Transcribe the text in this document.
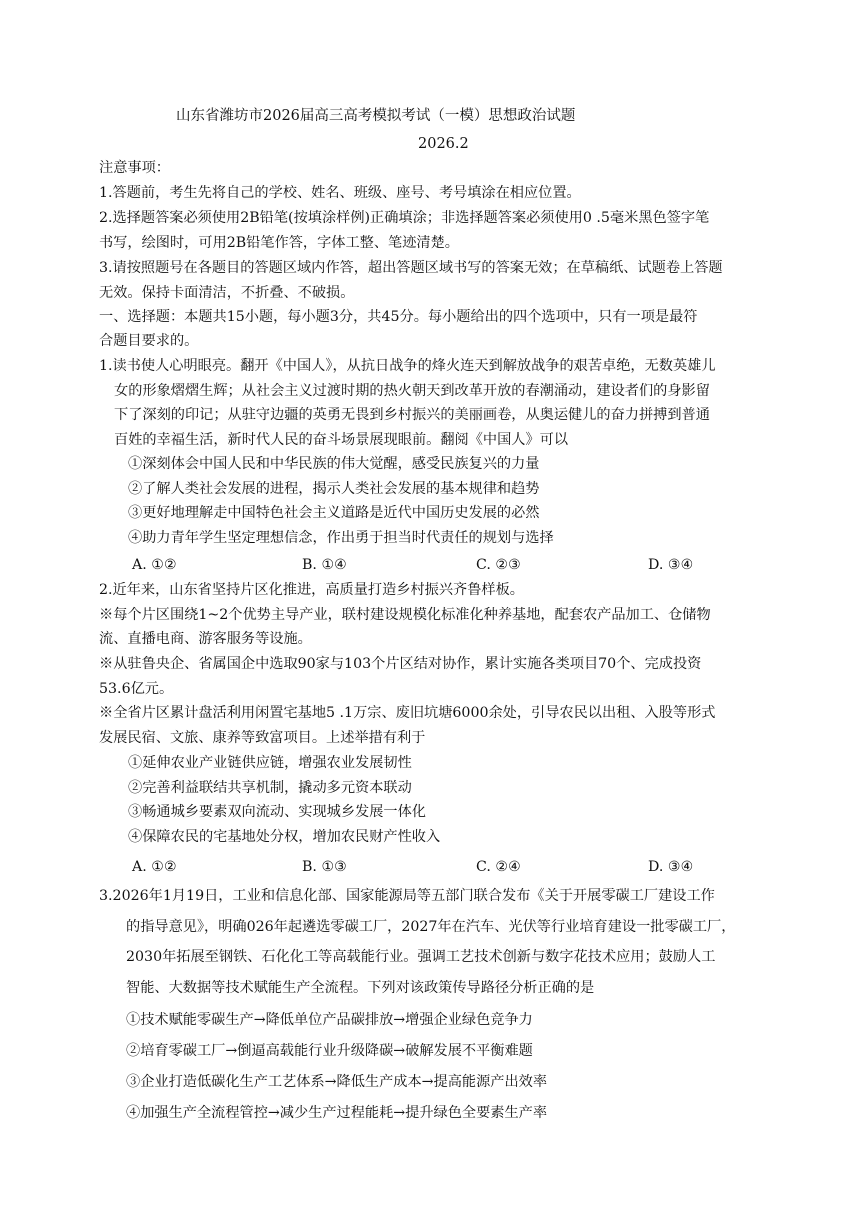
山东省潍坊市2026届高三高考模拟考试（一模）思想政治试题
2026.2
注意事项：
1.答题前，考生先将自己的学校、姓名、班级、座号、考号填涂在相应位置。
2.选择题答案必须使用2B铅笔(按填涂样例)正确填涂；非选择题答案必须使用0 .5毫米黑色签字笔
书写，绘图时，可用2B铅笔作答，字体工整、笔迹清楚。
3.请按照题号在各题目的答题区域内作答，超出答题区域书写的答案无效；在草稿纸、试题卷上答题
无效。保持卡面清洁，不折叠、不破损。
一、选择题：本题共15小题，每小题3分，共45分。每小题给出的四个选项中，只有一项是最符
合题目要求的。
1.读书使人心明眼亮。翻开《中国人》，从抗日战争的烽火连天到解放战争的艰苦卓绝，无数英雄儿
女的形象熠熠生辉；从社会主义过渡时期的热火朝天到改革开放的春潮涌动，建设者们的身影留
下了深刻的印记；从驻守边疆的英勇无畏到乡村振兴的美丽画卷，从奥运健儿的奋力拼搏到普通
百姓的幸福生活，新时代人民的奋斗场景展现眼前。翻阅《中国人》可以
①深刻体会中国人民和中华民族的伟大觉醒，感受民族复兴的力量
②了解人类社会发展的进程，揭示人类社会发展的基本规律和趋势
③更好地理解走中国特色社会主义道路是近代中国历史发展的必然
④助力青年学生坚定理想信念，作出勇于担当时代责任的规划与选择
A. ①②	B. ①④	C. ②③	D. ③④
2.近年来，山东省坚持片区化推进，高质量打造乡村振兴齐鲁样板。
※每个片区围绕1~2个优势主导产业，联村建设规模化标准化种养基地，配套农产品加工、仓储物
流、直播电商、游客服务等设施。
※从驻鲁央企、省属国企中选取90家与103个片区结对协作，累计实施各类项目70个、完成投资
53.6亿元。
※全省片区累计盘活利用闲置宅基地5 .1万宗、废旧坑塘6000余处，引导农民以出租、入股等形式
发展民宿、文旅、康养等致富项目。上述举措有利于
①延伸农业产业链供应链，增强农业发展韧性
②完善利益联结共享机制，撬动多元资本联动
③畅通城乡要素双向流动、实现城乡发展一体化
④保障农民的宅基地处分权，增加农民财产性收入
A. ①②	B. ①③	C. ②④	D. ③④
3.2026年1月19日，工业和信息化部、国家能源局等五部门联合发布《关于开展零碳工厂建设工作
的指导意见》，明确026年起遴选零碳工厂，2027年在汽车、光伏等行业培育建设一批零碳工厂，
2030年拓展至钢铁、石化化工等高载能行业。强调工艺技术创新与数字花技术应用；鼓励人工
智能、大数据等技术赋能生产全流程。下列对该政策传导路径分析正确的是
①技术赋能零碳生产→降低单位产品碳排放→增强企业绿色竞争力
②培育零碳工厂→倒逼高载能行业升级降碳→破解发展不平衡难题
③企业打造低碳化生产工艺体系→降低生产成本→提高能源产出效率
④加强生产全流程管控→减少生产过程能耗→提升绿色全要素生产率
